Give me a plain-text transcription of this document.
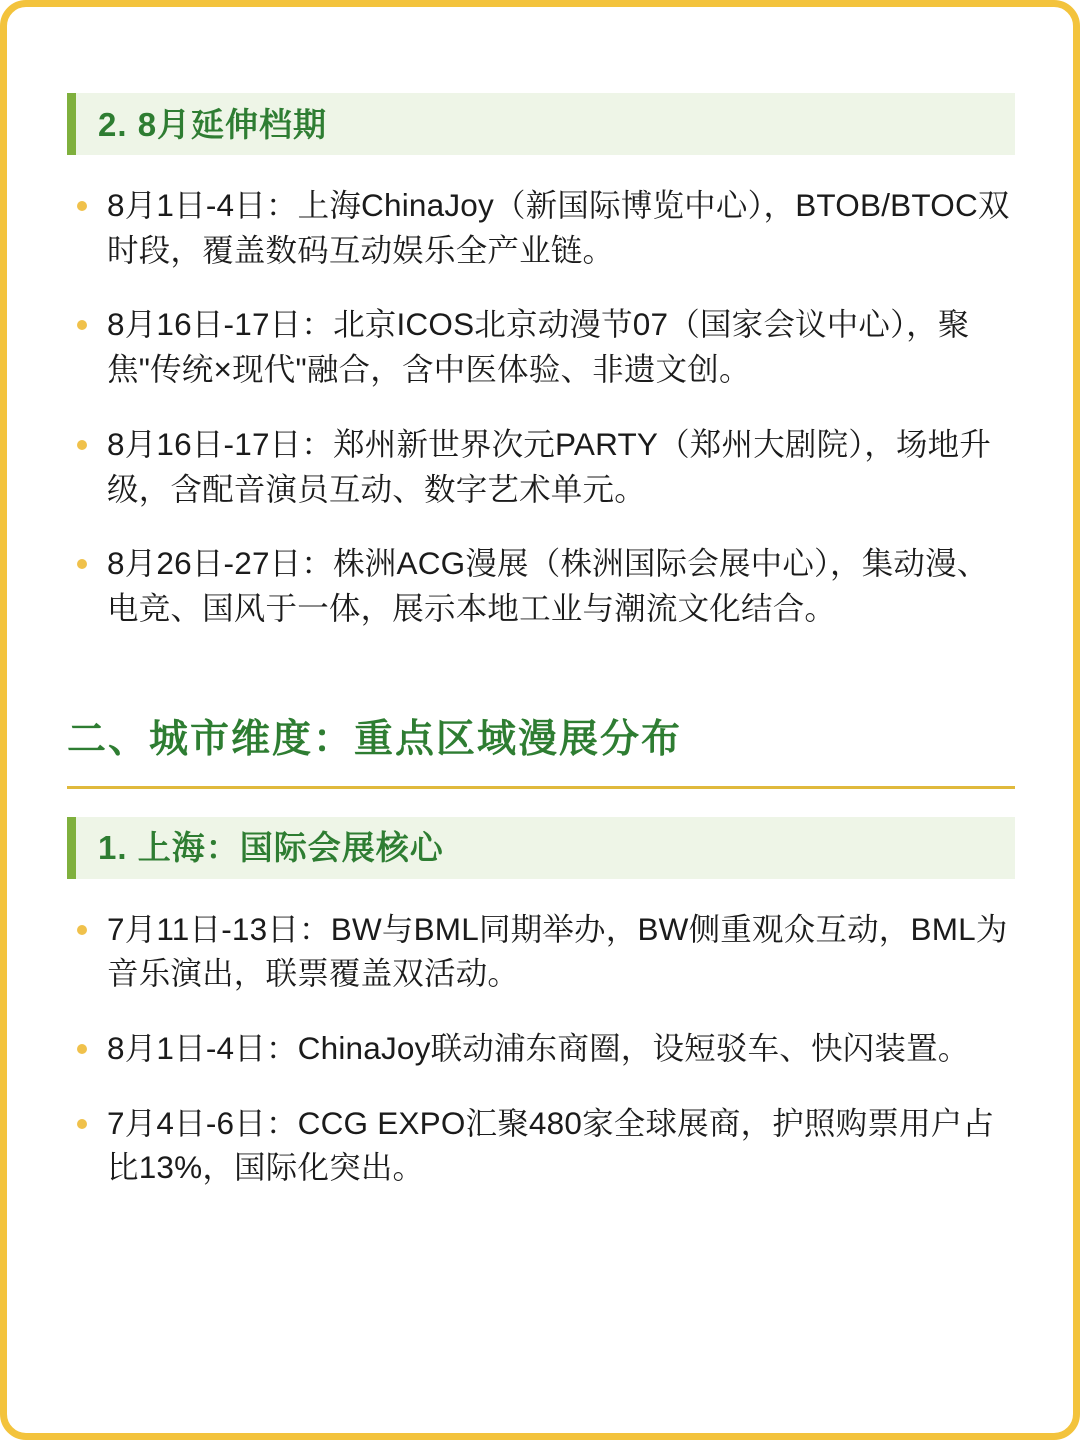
2. 8月延伸档期
8月1日-4日：上海ChinaJoy（新国际博览中心），BTOB/BTOC双时段，覆盖数码互动娱乐全产业链。
8月16日-17日：北京ICOS北京动漫节07（国家会议中心），聚焦"传统×现代"融合，含中医体验、非遗文创。
8月16日-17日：郑州新世界次元PARTY（郑州大剧院），场地升级，含配音演员互动、数字艺术单元。
8月26日-27日：株洲ACG漫展（株洲国际会展中心），集动漫、电竞、国风于一体，展示本地工业与潮流文化结合。
二、城市维度：重点区域漫展分布
1. 上海：国际会展核心
7月11日-13日：BW与BML同期举办，BW侧重观众互动，BML为音乐演出，联票覆盖双活动。
8月1日-4日：ChinaJoy联动浦东商圈，设短驳车、快闪装置。
7月4日-6日：CCG EXPO汇聚480家全球展商，护照购票用户占比13%，国际化突出。
